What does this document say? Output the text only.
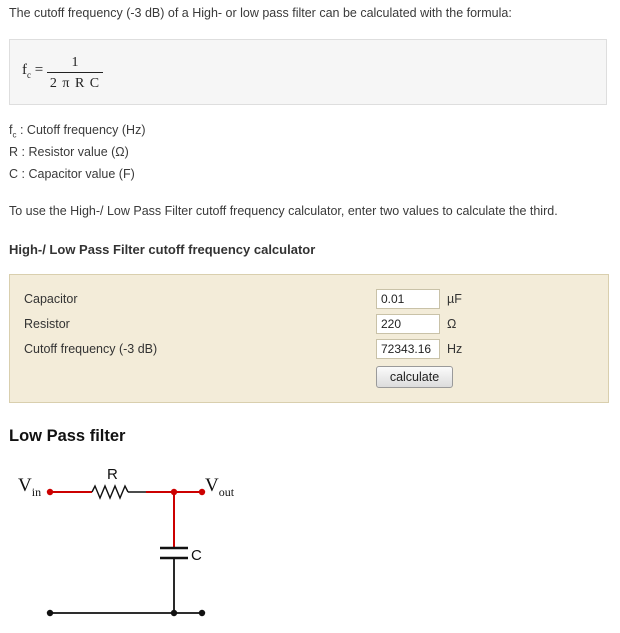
The cutoff frequency (-3 dB) of a High- or low pass filter can be calculated with the formula:
$f_c$ =	1
2 π R C
$f_c$ : Cutoff frequency (Hz)
R : Resistor value (Ω)
C : Capacitor value (F)
To use the High-/ Low Pass Filter cutoff frequency calculator, enter two values to calculate the third.
High-/ Low Pass Filter cutoff frequency calculator
Capacitor
0.01	µF
Resistor
220	Ω
Cutoff frequency (-3 dB)
72343.16	Hz
calculate
Low Pass filter
$V_{in}$	$V_{out}$
R
C
